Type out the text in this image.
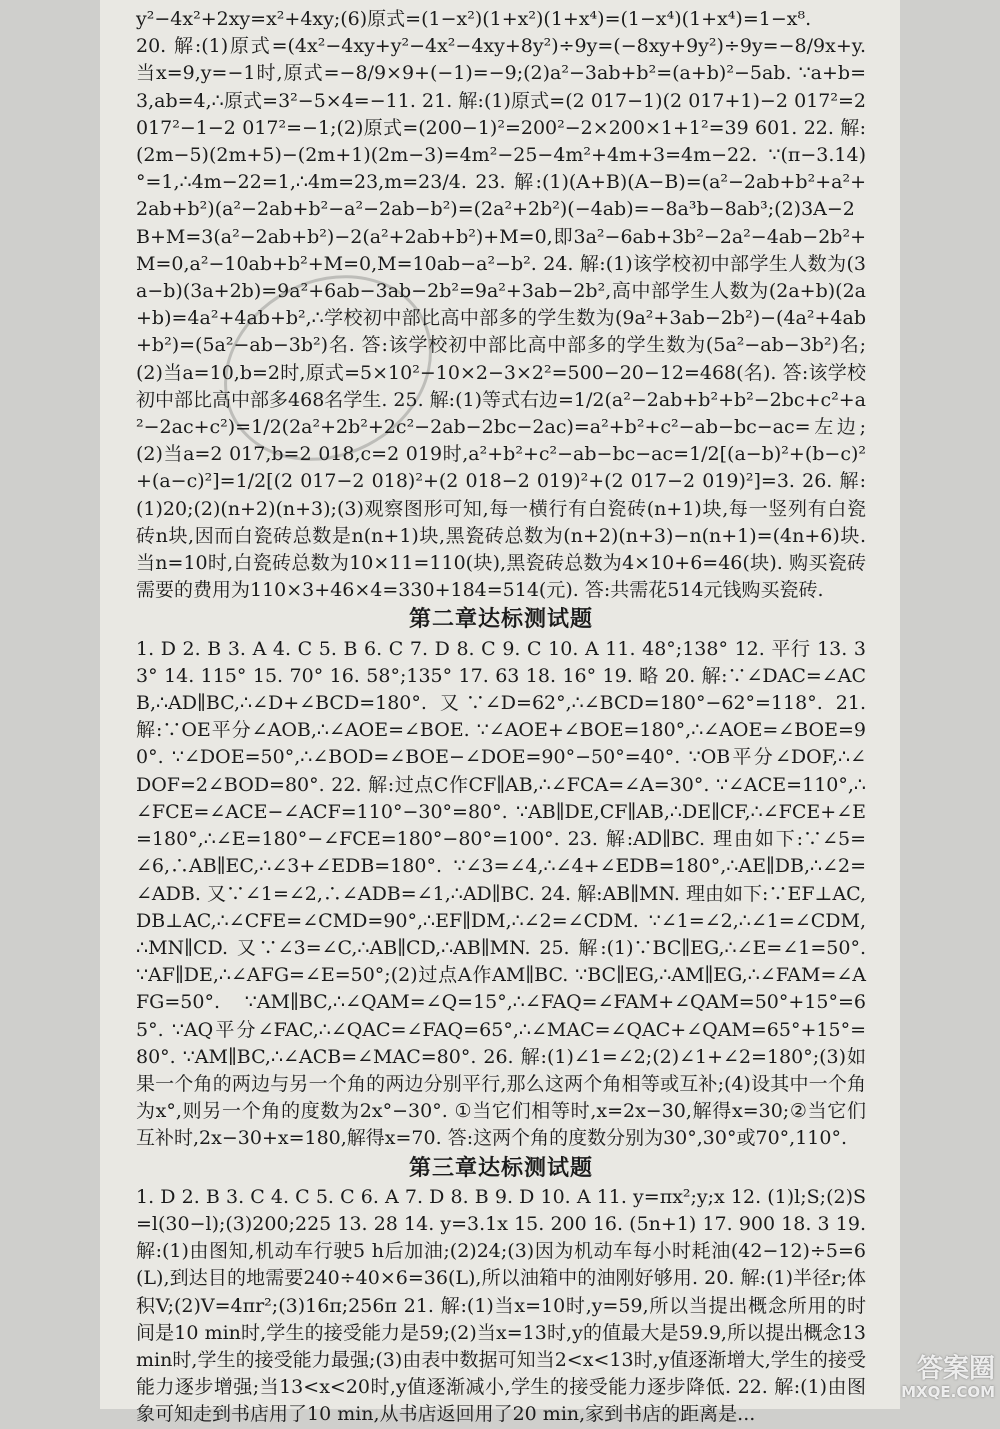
y²−4x²+2xy=x²+4xy;(6)原式=(1−x²)(1+x²)(1+x⁴)=(1−x⁴)(1+x⁴)=1−x⁸.

20. 解:(1)原式=(4x²−4xy+y²−4x²−4xy+8y²)÷9y=(−8xy+9y²)÷9y=−8/9x+y. 当x=9,y=−1时,原式=−8/9×9+(−1)=−9;(2)a²−3ab+b²=(a+b)²−5ab. ∵a+b=3,ab=4,∴原式=3²−5×4=−11. 21. 解:(1)原式=(2 017−1)(2 017+1)−2 017²=2 017²−1−2 017²=−1;(2)原式=(200−1)²=200²−2×200×1+1²=39 601. 22. 解:(2m−5)(2m+5)−(2m+1)(2m−3)=4m²−25−4m²+4m+3=4m−22. ∵(π−3.14)°=1,∴4m−22=1,∴4m=23,m=23/4. 23. 解:(1)(A+B)(A−B)=(a²−2ab+b²+a²+2ab+b²)(a²−2ab+b²−a²−2ab−b²)=(2a²+2b²)(−4ab)=−8a³b−8ab³;(2)3A−2B+M=3(a²−2ab+b²)−2(a²+2ab+b²)+M=0,即3a²−6ab+3b²−2a²−4ab−2b²+M=0,a²−10ab+b²+M=0,M=10ab−a²−b². 24. 解:(1)该学校初中部学生人数为(3a−b)(3a+2b)=9a²+6ab−3ab−2b²=9a²+3ab−2b²,高中部学生人数为(2a+b)(2a+b)=4a²+4ab+b²,∴学校初中部比高中部多的学生数为(9a²+3ab−2b²)−(4a²+4ab+b²)=(5a²−ab−3b²)名. 答:该学校初中部比高中部多的学生数为(5a²−ab−3b²)名;(2)当a=10,b=2时,原式=5×10²−10×2−3×2²=500−20−12=468(名). 答:该学校初中部比高中部多468名学生. 25. 解:(1)等式右边=1/2(a²−2ab+b²+b²−2bc+c²+a²−2ac+c²)=1/2(2a²+2b²+2c²−2ab−2bc−2ac)=a²+b²+c²−ab−bc−ac=左边;(2)当a=2 017,b=2 018,c=2 019时,a²+b²+c²−ab−bc−ac=1/2[(a−b)²+(b−c)²+(a−c)²]=1/2[(2 017−2 018)²+(2 018−2 019)²+(2 017−2 019)²]=3. 26. 解:(1)20;(2)(n+2)(n+3);(3)观察图形可知,每一横行有白瓷砖(n+1)块,每一竖列有白瓷砖n块,因而白瓷砖总数是n(n+1)块,黑瓷砖总数为(n+2)(n+3)−n(n+1)=(4n+6)块. 当n=10时,白瓷砖总数为10×11=110(块),黑瓷砖总数为4×10+6=46(块). 购买瓷砖需要的费用为110×3+46×4=330+184=514(元). 答:共需花514元钱购买瓷砖.

第二章达标测试题

1. D 2. B 3. A 4. C 5. B 6. C 7. D 8. C 9. C 10. A 11. 48°;138° 12. 平行 13. 33° 14. 115° 15. 70° 16. 58°;135° 17. 63 18. 16° 19. 略 20. 解:∵∠DAC=∠ACB,∴AD∥BC,∴∠D+∠BCD=180°. 又∵∠D=62°,∴∠BCD=180°−62°=118°. 21. 解:∵OE平分∠AOB,∴∠AOE=∠BOE. ∵∠AOE+∠BOE=180°,∴∠AOE=∠BOE=90°. ∵∠DOE=50°,∴∠BOD=∠BOE−∠DOE=90°−50°=40°. ∵OB平分∠DOF,∴∠DOF=2∠BOD=80°. 22. 解:过点C作CF∥AB,∴∠FCA=∠A=30°. ∵∠ACE=110°,∴∠FCE=∠ACE−∠ACF=110°−30°=80°. ∵AB∥DE,CF∥AB,∴DE∥CF,∴∠FCE+∠E=180°,∴∠E=180°−∠FCE=180°−80°=100°. 23. 解:AD∥BC. 理由如下:∵∠5=∠6,∴AB∥EC,∴∠3+∠EDB=180°. ∵∠3=∠4,∴∠4+∠EDB=180°,∴AE∥DB,∴∠2=∠ADB. 又∵∠1=∠2,∴∠ADB=∠1,∴AD∥BC. 24. 解:AB∥MN. 理由如下:∵EF⊥AC,DB⊥AC,∴∠CFE=∠CMD=90°,∴EF∥DM,∴∠2=∠CDM. ∵∠1=∠2,∴∠1=∠CDM,∴MN∥CD. 又∵∠3=∠C,∴AB∥CD,∴AB∥MN. 25. 解:(1)∵BC∥EG,∴∠E=∠1=50°. ∵AF∥DE,∴∠AFG=∠E=50°;(2)过点A作AM∥BC. ∵BC∥EG,∴AM∥EG,∴∠FAM=∠AFG=50°. ∵AM∥BC,∴∠QAM=∠Q=15°,∴∠FAQ=∠FAM+∠QAM=50°+15°=65°. ∵AQ平分∠FAC,∴∠QAC=∠FAQ=65°,∴∠MAC=∠QAC+∠QAM=65°+15°=80°. ∵AM∥BC,∴∠ACB=∠MAC=80°. 26. 解:(1)∠1=∠2;(2)∠1+∠2=180°;(3)如果一个角的两边与另一个角的两边分别平行,那么这两个角相等或互补;(4)设其中一个角为x°,则另一个角的度数为2x°−30°. ①当它们相等时,x=2x−30,解得x=30;②当它们互补时,2x−30+x=180,解得x=70. 答:这两个角的度数分别为30°,30°或70°,110°.

第三章达标测试题

1. D 2. B 3. C 4. C 5. C 6. A 7. D 8. B 9. D 10. A 11. y=πx²;y;x 12. (1)l;S;(2)S=l(30−l);(3)200;225 13. 28 14. y=3.1x 15. 200 16. (5n+1) 17. 900 18. 3 19. 解:(1)由图知,机动车行驶5 h后加油;(2)24;(3)因为机动车每小时耗油(42−12)÷5=6(L),到达目的地需要240÷40×6=36(L),所以油箱中的油刚好够用. 20. 解:(1)半径r;体积V;(2)V=4πr²;(3)16π;256π 21. 解:(1)当x=10时,y=59,所以当提出概念所用的时间是10 min时,学生的接受能力是59;(2)当x=13时,y的值最大是59.9,所以提出概念13 min时,学生的接受能力最强;(3)由表中数据可知当2<x<13时,y值逐渐增大,学生的接受能力逐步增强;当13<x<20时,y值逐渐减小,学生的接受能力逐步降低. 22. 解:(1)由图象可知走到书店用了10 min,从书店返回用了20 min,家到书店的距离是...

答案圈
MXQE.COM
